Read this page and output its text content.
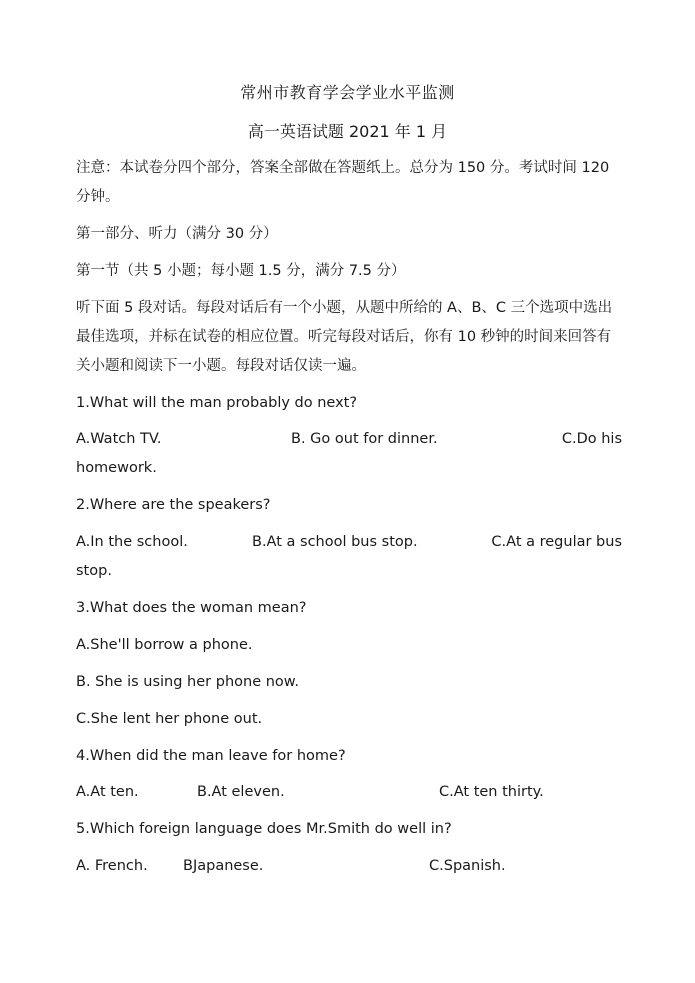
常州市教育学会学业水平监测
高一英语试题 2021 年 1 月
注意：本试卷分四个部分，答案全部做在答题纸上。总分为 150 分。考试时间 120
分钟。
第一部分、听力（满分 30 分）
第一节（共 5 小题；每小题 1.5 分，满分 7.5 分）
听下面 5 段对话。每段对话后有一个小题，从题中所给的 A、B、C 三个选项中选出
最佳选项，并标在试卷的相应位置。听完每段对话后，你有 10 秒钟的时间来回答有
关小题和阅读下一小题。每段对话仅读一遍。
1.What will the man probably do next?
A.Watch TV.	B. Go out for dinner.	C.Do his
homework.
2.Where are the speakers?
A.In the school.	B.At a school bus stop.	C.At a regular bus
stop.
3.What does the woman mean?
A.She'll borrow a phone.
B. She is using her phone now.
C.She lent her phone out.
4.When did the man leave for home?
A.At ten.	B.At eleven.	C.At ten thirty.
5.Which foreign language does Mr.Smith do well in?
A. French. BJapanese.	C.Spanish.
